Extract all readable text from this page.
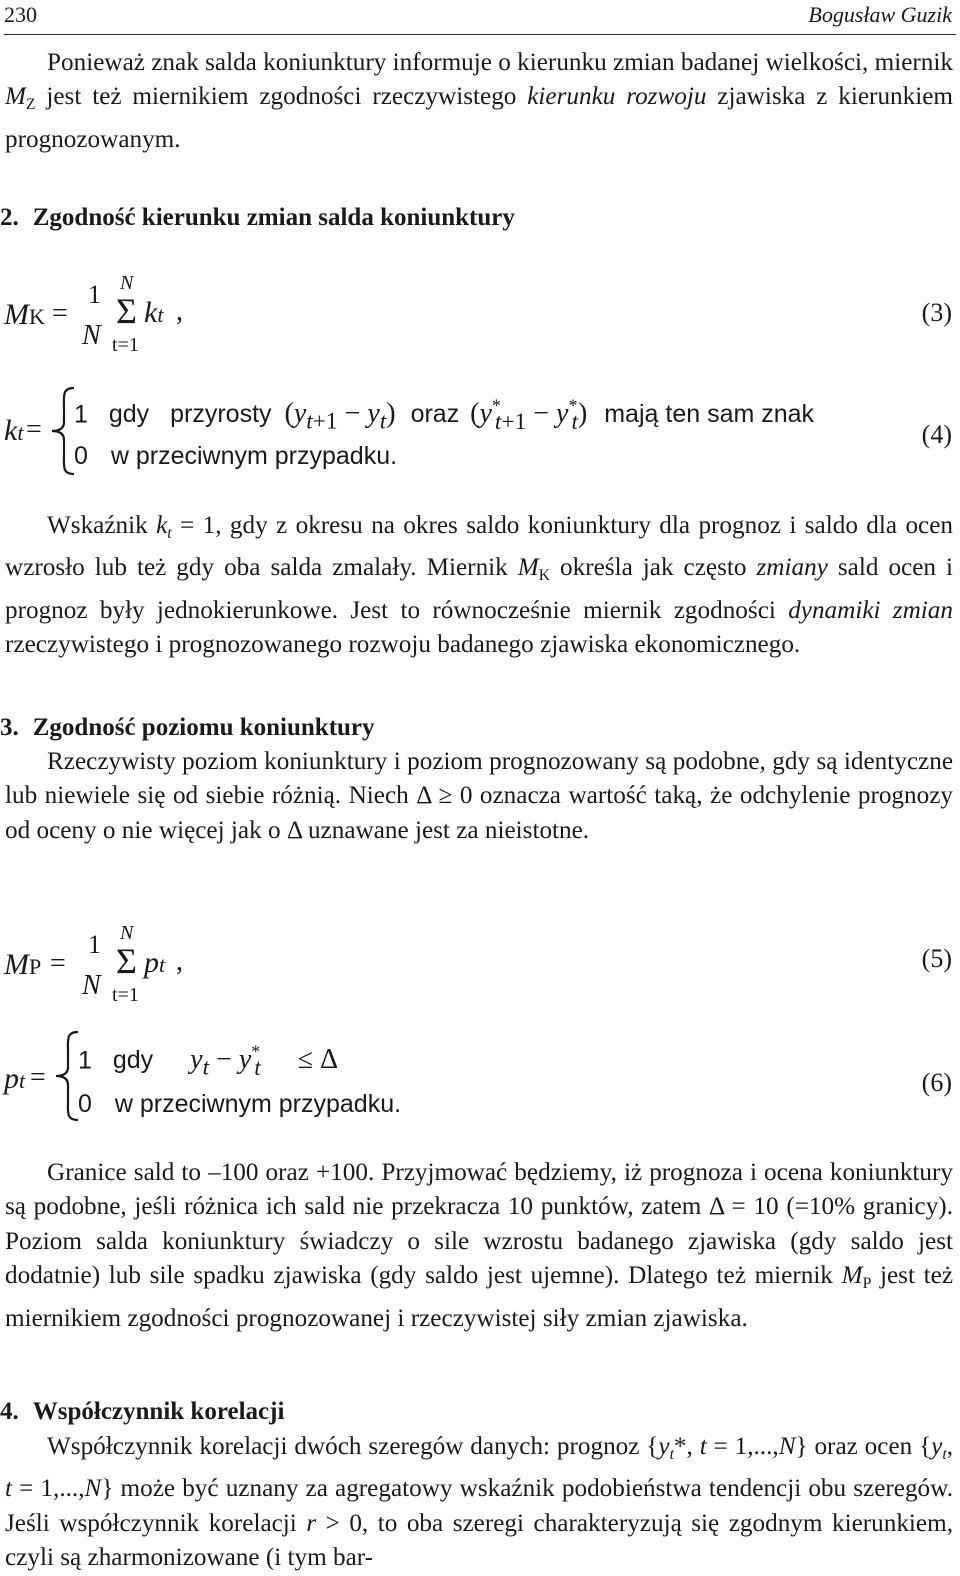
230	Bogusław Guzik

Ponieważ znak salda koniunktury informuje o kierunku zmian badanej wielkości, miernik $M_Z$ jest też miernikiem zgodności rzeczywistego kierunku rozwoju zjawiska z kierunkiem prognozowanym.

2. Zgodność kierunku zmian salda koniunktury
MK =
1
N
N
Σ
t=1
kt ,	(3)
kt = 1 gdy przyrosty $(y_{t+1} - y_t)$ oraz $(y^*_{t+1} - y^*_t)$ mają ten sam znak
0 w przeciwnym przypadku.
(4)

Wskaźnik kt = 1, gdy z okresu na okres saldo koniunktury dla prognoz i saldo dla ocen wzrosło lub też gdy oba salda zmalały. Miernik $M_K$ określa jak często zmiany sald ocen i prognoz były jednokierunkowe. Jest to równocześnie miernik zgodności dynamiki zmian rzeczywistego i prognozowanego rozwoju badanego zjawiska ekonomicznego.

3. Zgodność poziomu koniunktury

Rzeczywisty poziom koniunktury i poziom prognozowany są podobne, gdy są identyczne lub niewiele się od siebie różnią. Niech Δ ≥ 0 oznacza wartość taką, że odchylenie prognozy od oceny o nie więcej jak o Δ uznawane jest za nieistotne.

MP =
1
N
N
Σ
t=1
pt ,	(5)
pt =
1 gdy $y_t - y^*_t \le \Delta$
0 w przeciwnym przypadku.
(6)

Granice sald to –100 oraz +100. Przyjmować będziemy, iż prognoza i ocena koniunktury są podobne, jeśli różnica ich sald nie przekracza 10 punktów, zatem Δ = 10 (=10% granicy). Poziom salda koniunktury świadczy o sile wzrostu badanego zjawiska (gdy saldo jest dodatnie) lub sile spadku zjawiska (gdy saldo jest ujemne). Dlatego też miernik $M_P$ jest też miernikiem zgodności prognozowanej i rzeczywistej siły zmian zjawiska.

4. Współczynnik korelacji

Współczynnik korelacji dwóch szeregów danych: prognoz {yt*, t = 1,...,N} oraz ocen {yt, t = 1,...,N} może być uznany za agregatowy wskaźnik podobieństwa tendencji obu szeregów. Jeśli współczynnik korelacji r > 0, to oba szeregi charakteryzują się zgodnym kierunkiem, czyli są zharmonizowane (i tym bar-
